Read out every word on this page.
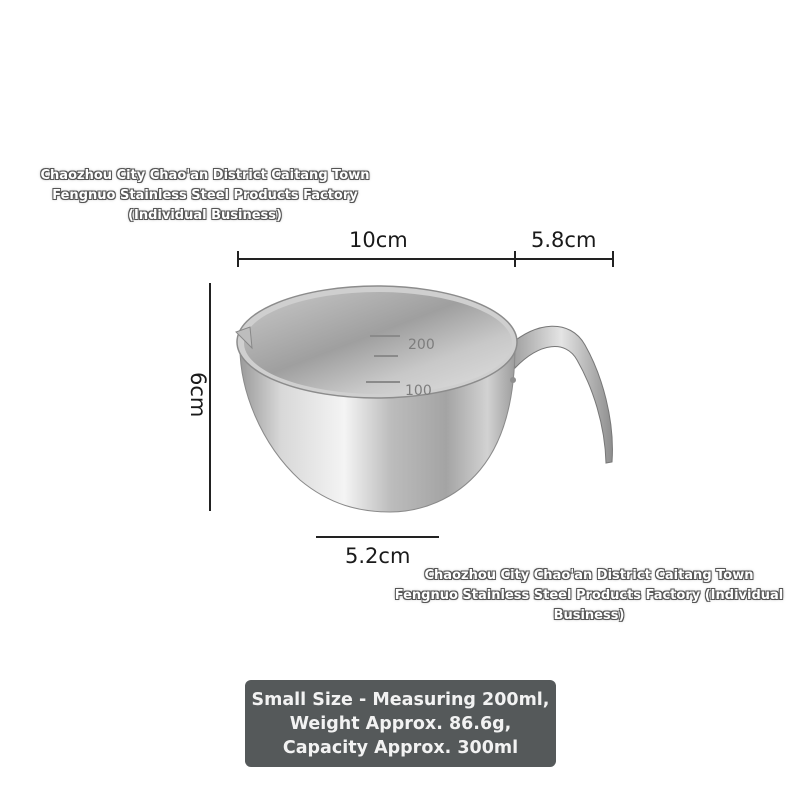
10cm	5.8cm
5.2cm
6cm
200
100
Chaozhou City Chao'an District Caitang Town
Fengnuo Stainless Steel Products Factory
(Individual Business)
Chaozhou City Chao'an District Caitang Town
Fengnuo Stainless Steel Products Factory (Individual
Business)
Small Size - Measuring 200ml,
Weight Approx. 86.6g,
Capacity Approx. 300ml
